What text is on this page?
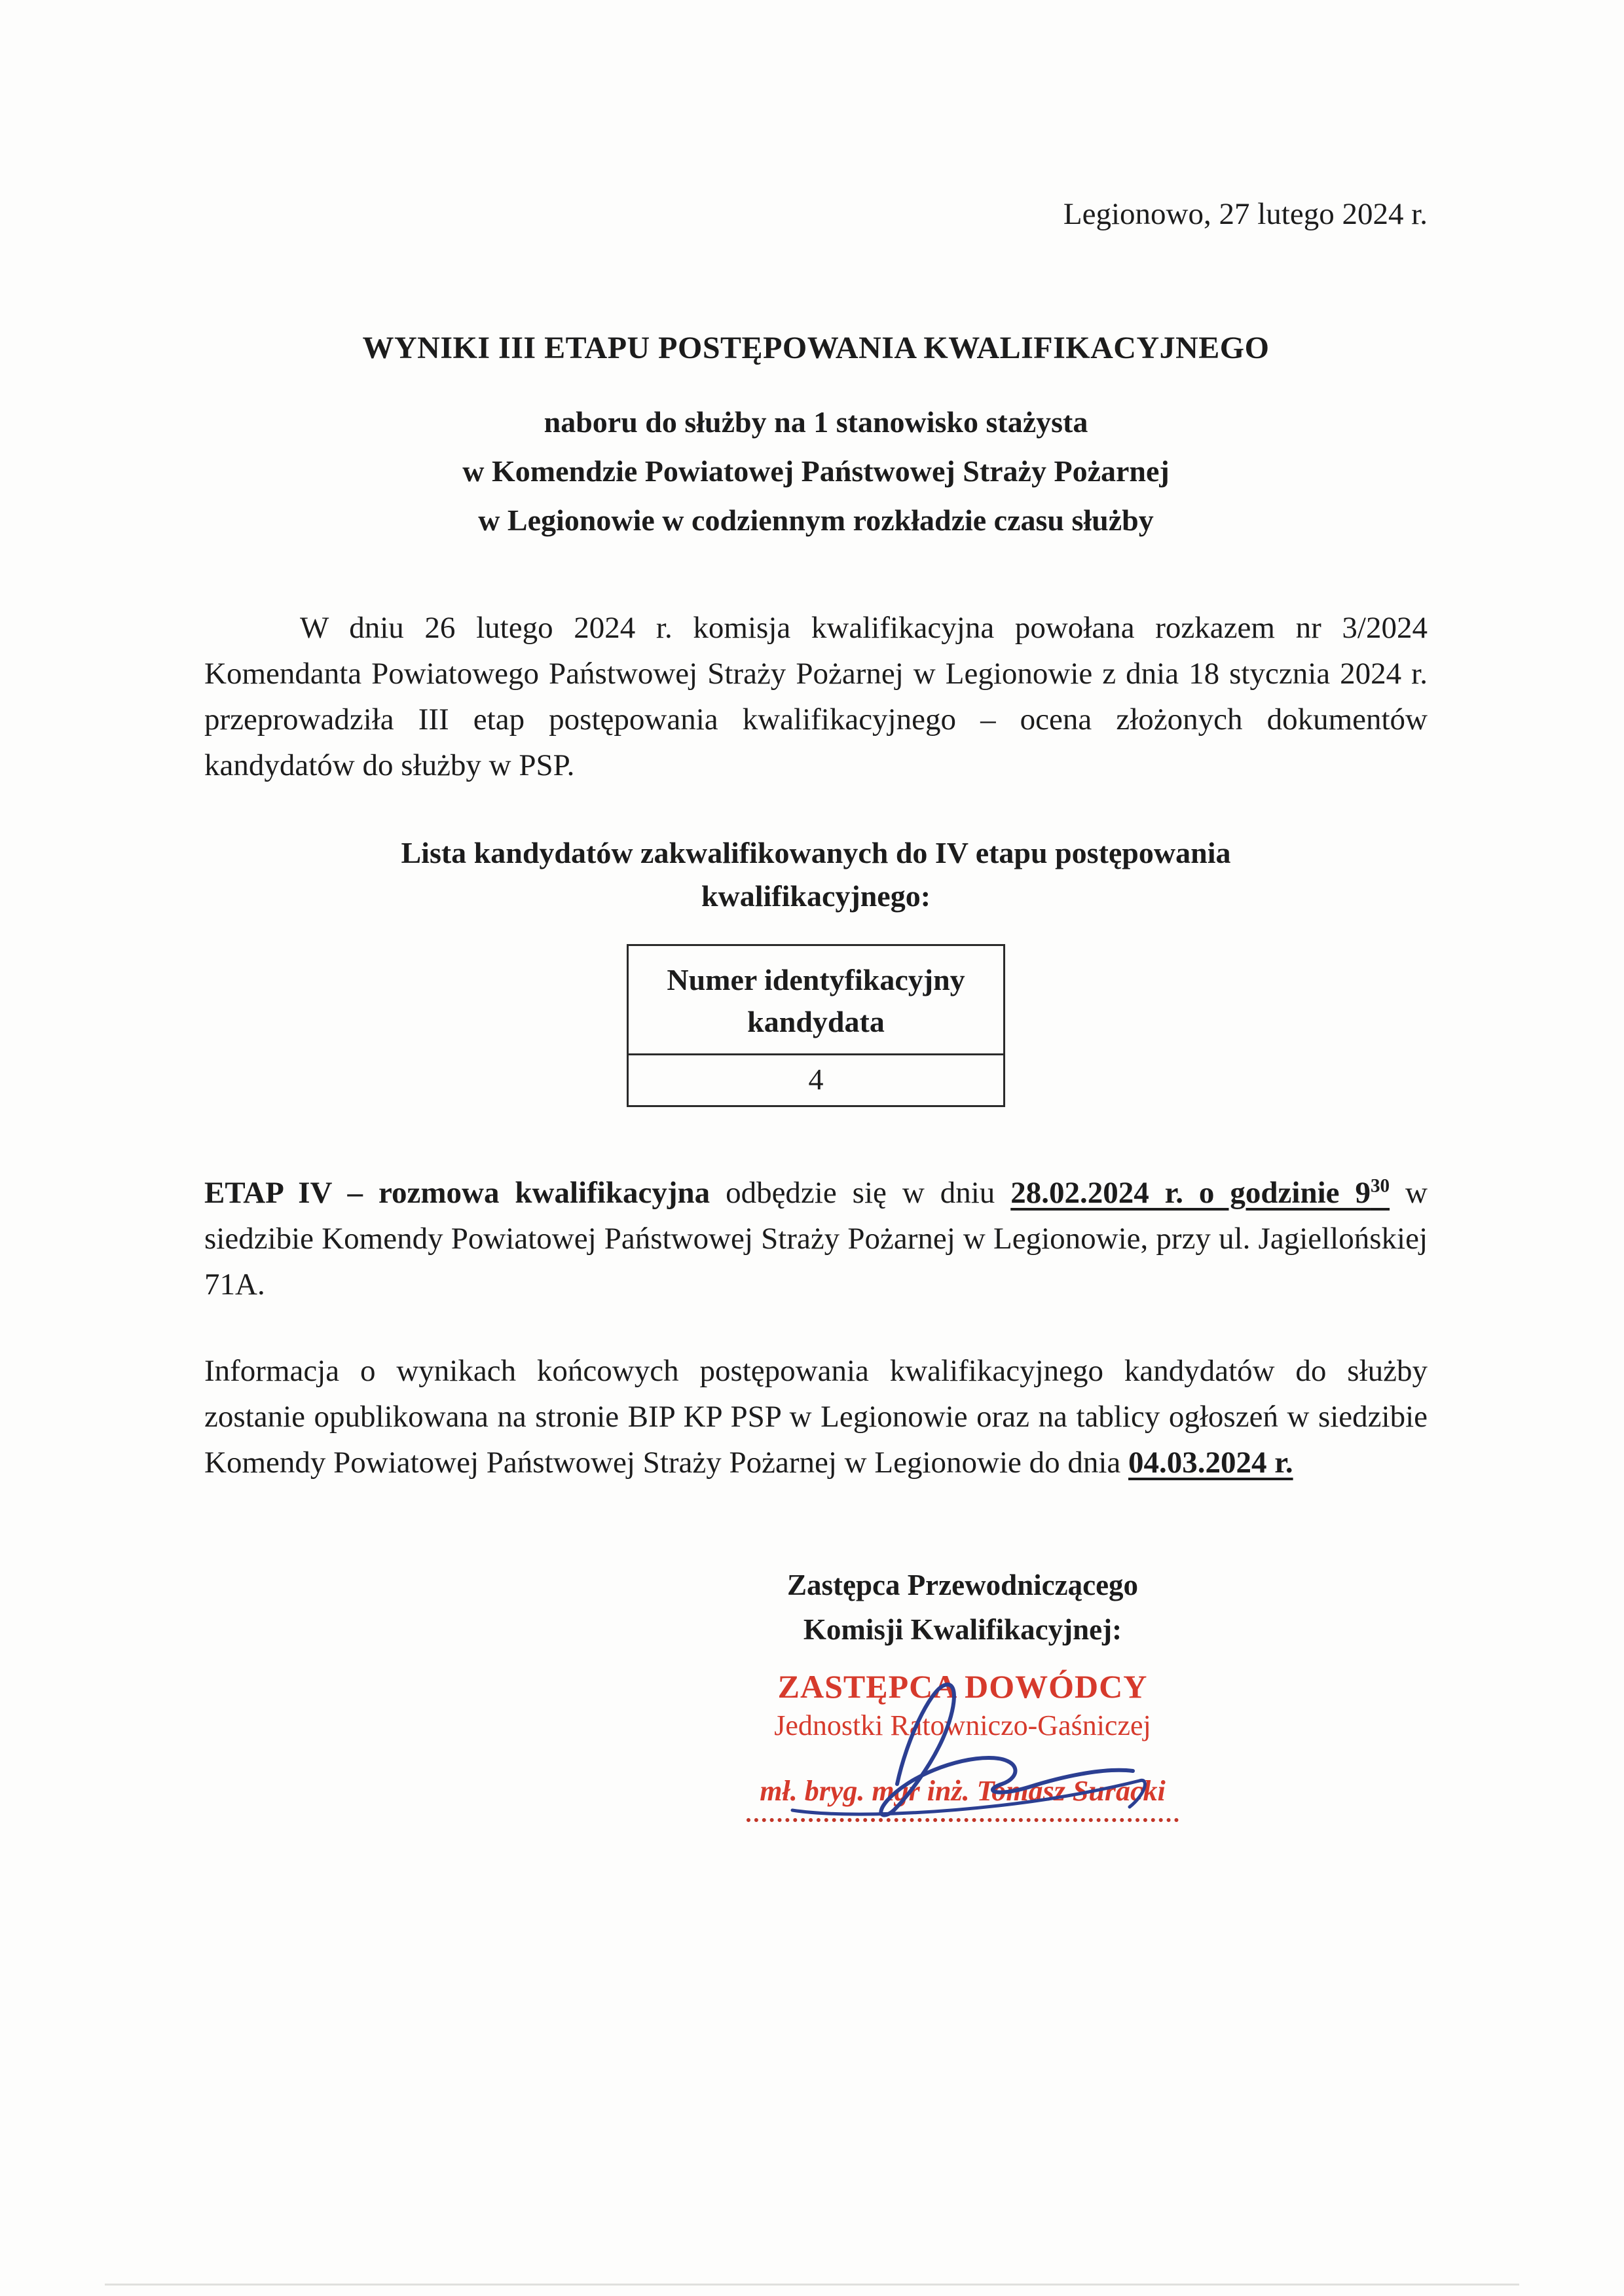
Legionowo, 27 lutego 2024 r.

WYNIKI III ETAPU POSTĘPOWANIA KWALIFIKACYJNEGO
naboru do służby na 1 stanowisko stażysta
w Komendzie Powiatowej Państwowej Straży Pożarnej
w Legionowie w codziennym rozkładzie czasu służby

W dniu 26 lutego 2024 r. komisja kwalifikacyjna powołana rozkazem nr 3/2024 Komendanta Powiatowego Państwowej Straży Pożarnej w Legionowie z dnia 18 stycznia 2024 r. przeprowadziła III etap postępowania kwalifikacyjnego – ocena złożonych dokumentów kandydatów do służby w PSP.

Lista kandydatów zakwalifikowanych do IV etapu postępowania kwalifikacyjnego:

Numer identyfikacyjny
kandydata
4

ETAP IV – rozmowa kwalifikacyjna odbędzie się w dniu 28.02.2024 r. o godzinie $9^{30}$ w siedzibie Komendy Powiatowej Państwowej Straży Pożarnej w Legionowie, przy ul. Jagiellońskiej 71A.

Informacja o wynikach końcowych postępowania kwalifikacyjnego kandydatów do służby zostanie opublikowana na stronie BIP KP PSP w Legionowie oraz na tablicy ogłoszeń w siedzibie Komendy Powiatowej Państwowej Straży Pożarnej w Legionowie do dnia 04.03.2024 r.

Zastępca Przewodniczącego
Komisji Kwalifikacyjnej:

ZASTĘPCA DOWÓDCY

Jednostki Ratowniczo-Gaśniczej

mł. bryg. mgr inż. Tomasz Suracki
